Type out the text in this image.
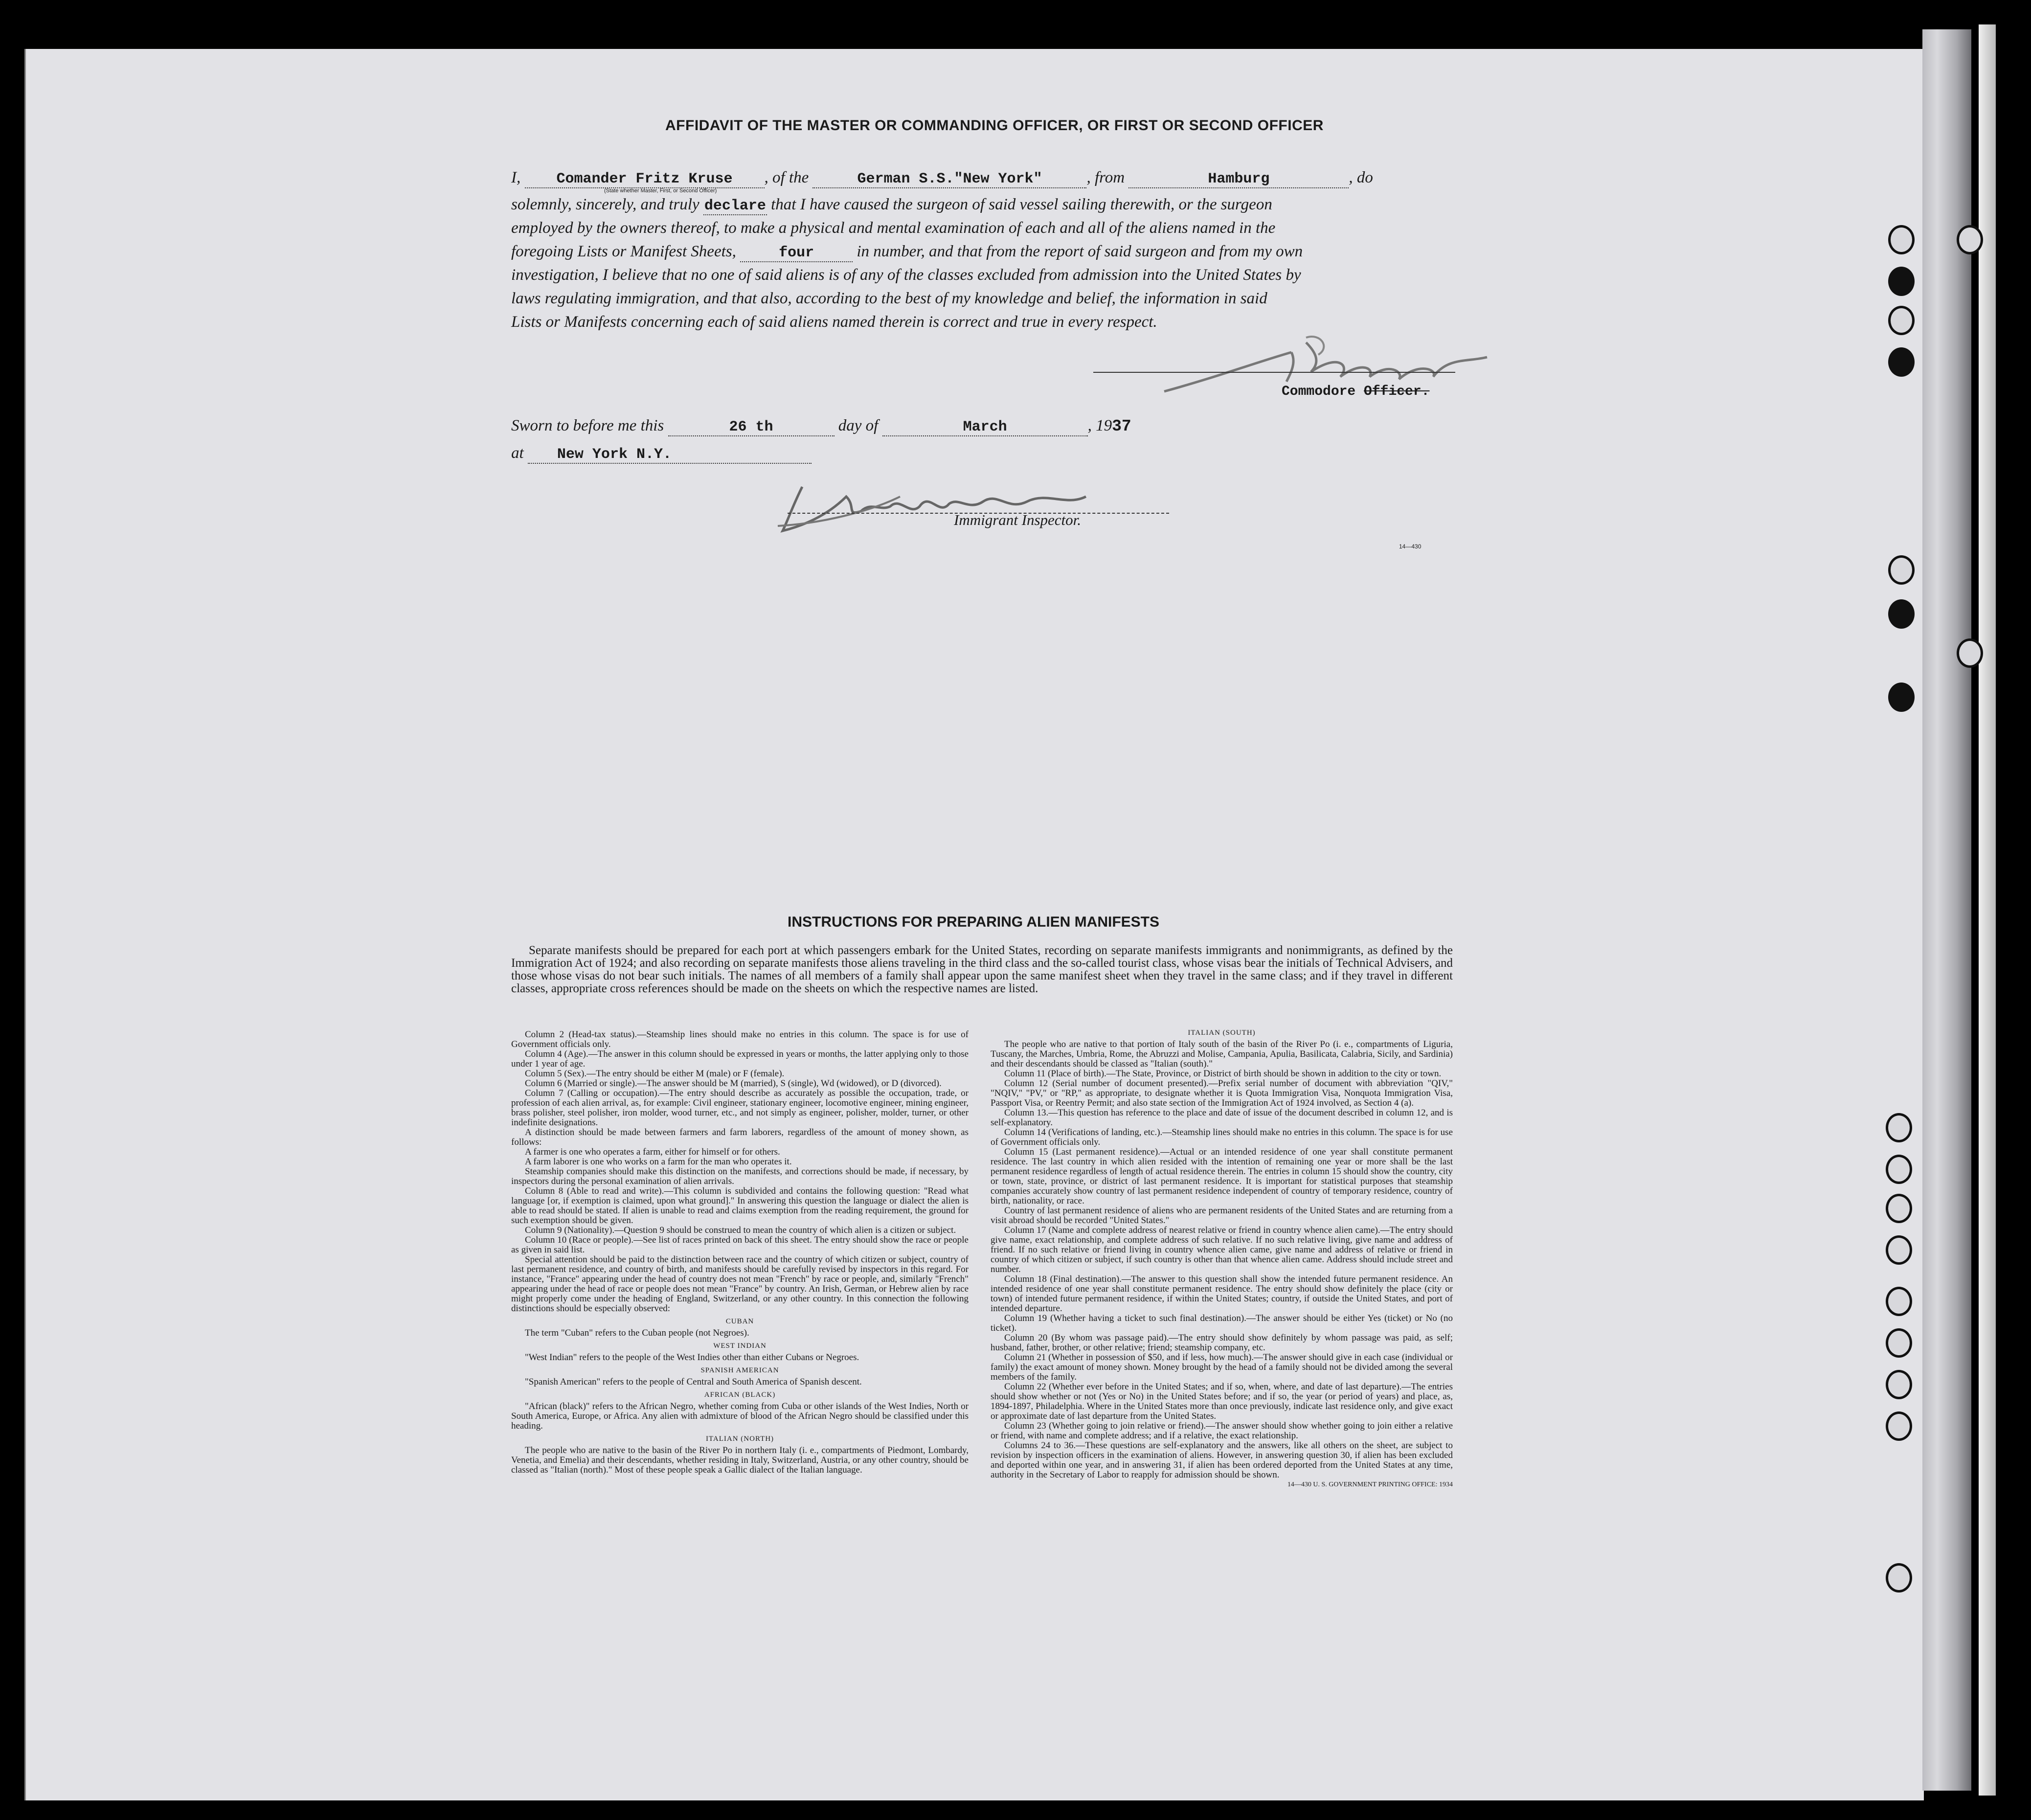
AFFIDAVIT OF THE MASTER OR COMMANDING OFFICER, OR FIRST OR SECOND OFFICER
I, Comander Fritz Kruse , of the	German S.S."New York"	, from	Hamburg	, do
(State whether Master, First, or Second Officer)
solemnly, sincerely, and truly declare that I have caused the surgeon of said vessel sailing therewith, or the surgeon
employed by the owners thereof, to make a physical and mental examination of each and all of the aliens named in the
foregoing Lists or Manifest Sheets,	four	in number, and that from the report of said surgeon and from my own
investigation, I believe that no one of said aliens is of any of the classes excluded from admission into the United States by
laws regulating immigration, and that also, according to the best of my knowledge and belief, the information in said
Lists or Manifests concerning each of said aliens named therein is correct and true in every respect.
Commodore Officer.
Sworn to before me this	26 th	day of	March	, 1937
at New York N.Y.
Immigrant Inspector.
14—430
INSTRUCTIONS FOR PREPARING ALIEN MANIFESTS
Separate manifests should be prepared for each port at which passengers embark for the United States, recording on separate manifests immigrants and nonimmigrants, as defined by the Immigration Act of 1924; and also recording on separate manifests those aliens traveling in the third class and the so-called tourist class, whose visas bear the initials of Technical Advisers, and those whose visas do not bear such initials. The names of all members of a family shall appear upon the same manifest sheet when they travel in the same class; and if they travel in different classes, appropriate cross references should be made on the sheets on which the respective names are listed.

Column 2 (Head-tax status).—Steamship lines should make no entries in this column. The space is for use of Government officials only.

Column 4 (Age).—The answer in this column should be expressed in years or months, the latter applying only to those under 1 year of age.

Column 5 (Sex).—The entry should be either M (male) or F (female).

Column 6 (Married or single).—The answer should be M (married), S (single), Wd (widowed), or D (divorced).

Column 7 (Calling or occupation).—The entry should describe as accurately as possible the occupation, trade, or profession of each alien arrival, as, for example: Civil engineer, stationary engineer, locomotive engineer, mining engineer, brass polisher, steel polisher, iron molder, wood turner, etc., and not simply as engineer, polisher, molder, turner, or other indefinite designations.

A distinction should be made between farmers and farm laborers, regardless of the amount of money shown, as follows:

A farmer is one who operates a farm, either for himself or for others.

A farm laborer is one who works on a farm for the man who operates it.

Steamship companies should make this distinction on the manifests, and corrections should be made, if necessary, by inspectors during the personal examination of alien arrivals.

Column 8 (Able to read and write).—This column is subdivided and contains the following question: "Read what language [or, if exemption is claimed, upon what ground]." In answering this question the language or dialect the alien is able to read should be stated. If alien is unable to read and claims exemption from the reading requirement, the ground for such exemption should be given.

Column 9 (Nationality).—Question 9 should be construed to mean the country of which alien is a citizen or subject.

Column 10 (Race or people).—See list of races printed on back of this sheet. The entry should show the race or people as given in said list.

Special attention should be paid to the distinction between race and the country of which citizen or subject, country of last permanent residence, and country of birth, and manifests should be carefully revised by inspectors in this regard. For instance, "France" appearing under the head of country does not mean "French" by race or people, and, similarly "French" appearing under the head of race or people does not mean "France" by country. An Irish, German, or Hebrew alien by race might properly come under the heading of England, Switzerland, or any other country. In this connection the following distinctions should be especially observed:

CUBAN

The term "Cuban" refers to the Cuban people (not Negroes).

WEST INDIAN

"West Indian" refers to the people of the West Indies other than either Cubans or Negroes.

SPANISH AMERICAN

"Spanish American" refers to the people of Central and South America of Spanish descent.

AFRICAN (BLACK)

"African (black)" refers to the African Negro, whether coming from Cuba or other islands of the West Indies, North or South America, Europe, or Africa. Any alien with admixture of blood of the African Negro should be classified under this heading.

ITALIAN (NORTH)

The people who are native to the basin of the River Po in northern Italy (i. e., compartments of Piedmont, Lombardy, Venetia, and Emelia) and their descendants, whether residing in Italy, Switzerland, Austria, or any other country, should be classed as "Italian (north)." Most of these people speak a Gallic dialect of the Italian language.

ITALIAN (SOUTH)

The people who are native to that portion of Italy south of the basin of the River Po (i. e., compartments of Liguria, Tuscany, the Marches, Umbria, Rome, the Abruzzi and Molise, Campania, Apulia, Basilicata, Calabria, Sicily, and Sardinia) and their descendants should be classed as "Italian (south)."

Column 11 (Place of birth).—The State, Province, or District of birth should be shown in addition to the city or town.

Column 12 (Serial number of document presented).—Prefix serial number of document with abbreviation "QIV," "NQIV," "PV," or "RP," as appropriate, to designate whether it is Quota Immigration Visa, Nonquota Immigration Visa, Passport Visa, or Reentry Permit; and also state section of the Immigration Act of 1924 involved, as Section 4 (a).

Column 13.—This question has reference to the place and date of issue of the document described in column 12, and is self-explanatory.

Column 14 (Verifications of landing, etc.).—Steamship lines should make no entries in this column. The space is for use of Government officials only.

Column 15 (Last permanent residence).—Actual or an intended residence of one year shall constitute permanent residence. The last country in which alien resided with the intention of remaining one year or more shall be the last permanent residence regardless of length of actual residence therein. The entries in column 15 should show the country, city or town, state, province, or district of last permanent residence. It is important for statistical purposes that steamship companies accurately show country of last permanent residence independent of country of temporary residence, country of birth, nationality, or race.

Country of last permanent residence of aliens who are permanent residents of the United States and are returning from a visit abroad should be recorded "United States."

Column 17 (Name and complete address of nearest relative or friend in country whence alien came).—The entry should give name, exact relationship, and complete address of such relative. If no such relative living, give name and address of friend. If no such relative or friend living in country whence alien came, give name and address of relative or friend in country of which citizen or subject, if such country is other than that whence alien came. Address should include street and number.

Column 18 (Final destination).—The answer to this question shall show the intended future permanent residence. An intended residence of one year shall constitute permanent residence. The entry should show definitely the place (city or town) of intended future permanent residence, if within the United States; country, if outside the United States, and port of intended departure.

Column 19 (Whether having a ticket to such final destination).—The answer should be either Yes (ticket) or No (no ticket).

Column 20 (By whom was passage paid).—The entry should show definitely by whom passage was paid, as self; husband, father, brother, or other relative; friend; steamship company, etc.

Column 21 (Whether in possession of $50, and if less, how much).—The answer should give in each case (individual or family) the exact amount of money shown. Money brought by the head of a family should not be divided among the several members of the family.

Column 22 (Whether ever before in the United States; and if so, when, where, and date of last departure).—The entries should show whether or not (Yes or No) in the United States before; and if so, the year (or period of years) and place, as, 1894-1897, Philadelphia. Where in the United States more than once previously, indicate last residence only, and give exact or approximate date of last departure from the United States.

Column 23 (Whether going to join relative or friend).—The answer should show whether going to join either a relative or friend, with name and complete address; and if a relative, the exact relationship.

Columns 24 to 36.—These questions are self-explanatory and the answers, like all others on the sheet, are subject to revision by inspection officers in the examination of aliens. However, in answering question 30, if alien has been excluded and deported within one year, and in answering 31, if alien has been ordered deported from the United States at any time, authority in the Secretary of Labor to reapply for admission should be shown.

14—430 U. S. GOVERNMENT PRINTING OFFICE: 1934
